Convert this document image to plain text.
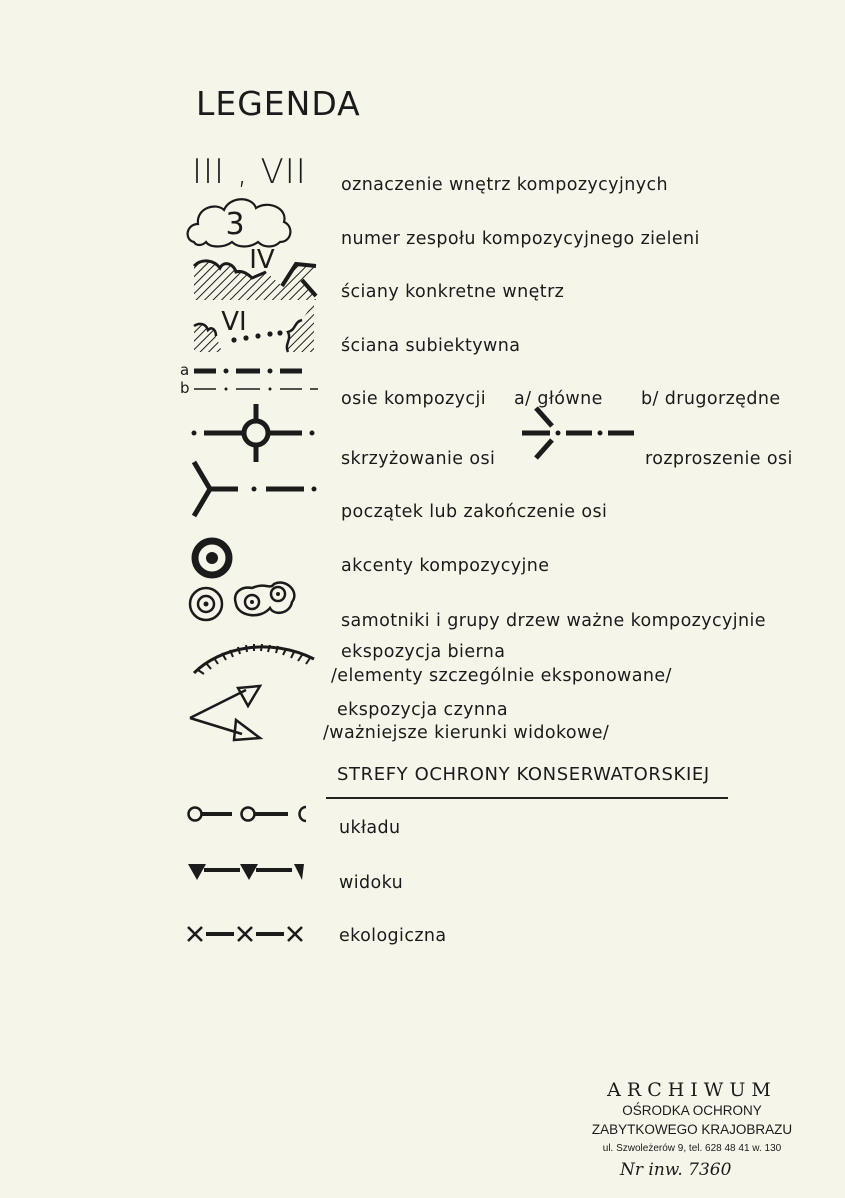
LEGENDA
III , VII oznaczenie wnętrz kompozycyjnych
3	numer zespołu kompozycyjnego zieleni
IV
ściany konkretne wnętrz
VI
ściana subiektywna
a
b
osie kompozycji a/ główne b/ drugorzędne
skrzyżowanie osi	rozproszenie osi
początek lub zakończenie osi
akcenty kompozycyjne
samotniki i grupy drzew ważne kompozycyjnie
ekspozycja bierna
/elementy szczególnie eksponowane/
ekspozycja czynna
/ważniejsze kierunki widokowe/
STREFY OCHRONY KONSERWATORSKIEJ
układu
widoku
ekologiczna
ARCHIWUM
OŚRODKA OCHRONY
ZABYTKOWEGO KRAJOBRAZU
ul. Szwoleżerów 9, tel. 628 48 41 w. 130
Nr inw. 7360
